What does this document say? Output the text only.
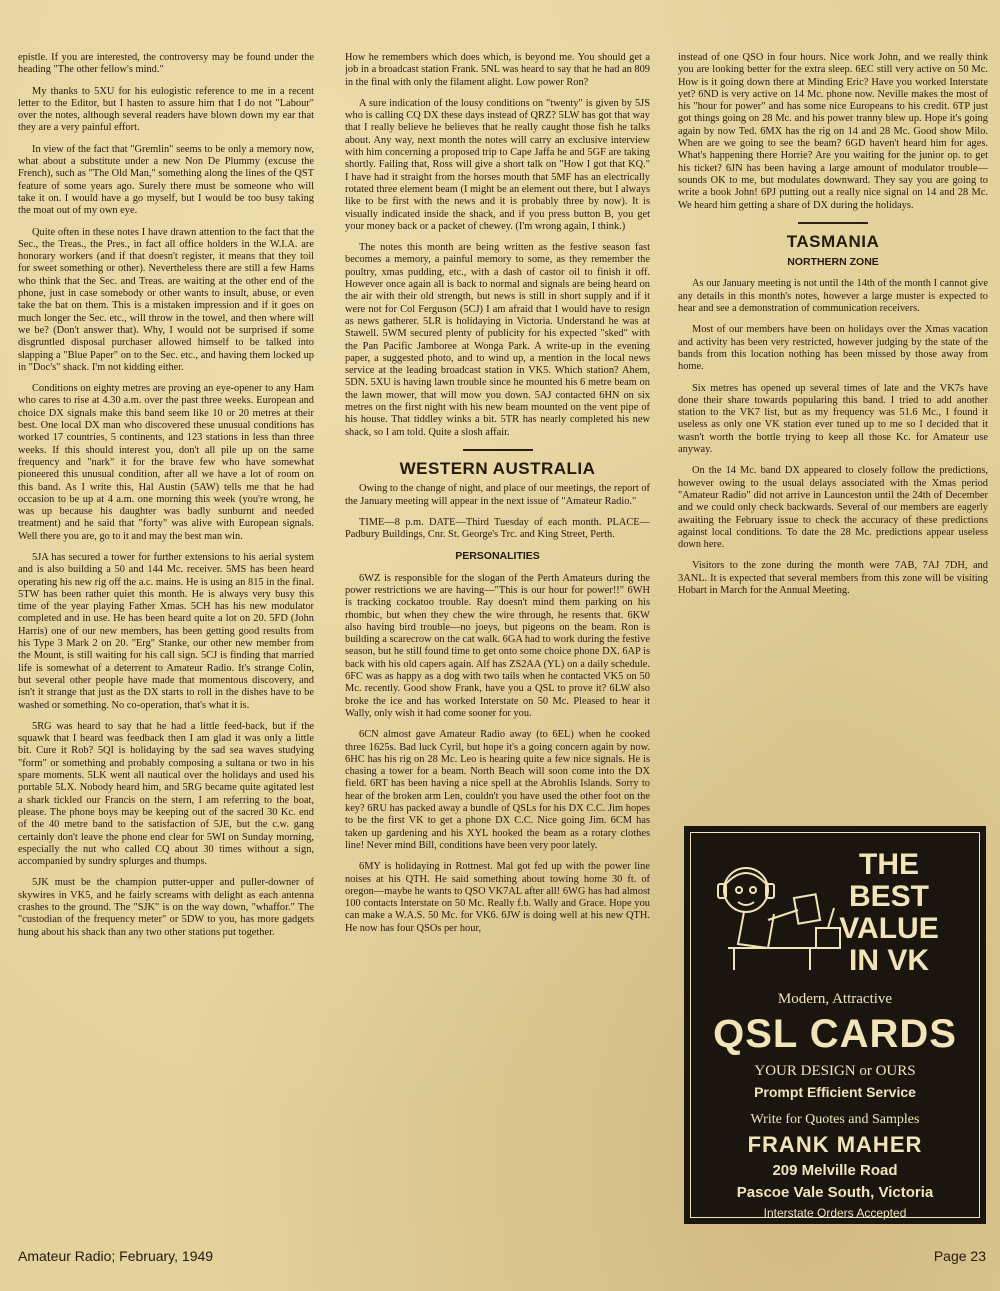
epistle. If you are interested, the controversy may be found under the heading "The other fellow's mind."

My thanks to 5XU for his eulogistic reference to me in a recent letter to the Editor, but I hasten to assure him that I do not "Labour" over the notes, although several readers have blown down my ear that they are a very painful effort.

In view of the fact that "Gremlin" seems to be only a memory now, what about a substitute under a new Non De Plummy (excuse the French), such as "The Old Man," something along the lines of the QST feature of some years ago. Surely there must be someone who will take it on. I would have a go myself, but I would be too busy taking the moat out of my own eye.

Quite often in these notes I have drawn attention to the fact that the Sec., the Treas., the Pres., in fact all office holders in the W.I.A. are honorary workers (and if that doesn't register, it means that they toil for sweet something or other). Nevertheless there are still a few Hams who think that the Sec. and Treas. are waiting at the other end of the phone, just in case somebody or other wants to insult, abuse, or even take the bat on them. This is a mistaken impression and if it goes on much longer the Sec. etc., will throw in the towel, and then where will we be? (Don't answer that). Why, I would not be surprised if some disgruntled disposal purchaser allowed himself to be talked into slapping a "Blue Paper" on to the Sec. etc., and having them locked up in "Doc's" shack. I'm not kidding either.

Conditions on eighty metres are proving an eye-opener to any Ham who cares to rise at 4.30 a.m. over the past three weeks. European and choice DX signals make this band seem like 10 or 20 metres at their best. One local DX man who discovered these unusual conditions has worked 17 countries, 5 continents, and 123 stations in less than three weeks. If this should interest you, don't all pile up on the same frequency and "nark" it for the brave few who have somewhat pioneered this unusual condition, after all we have a lot of room on this band. As I write this, Hal Austin (5AW) tells me that he had occasion to be up at 4 a.m. one morning this week (you're wrong, he was up because his daughter was badly sunburnt and needed treatment) and he said that "forty" was alive with European signals. Well there you are, go to it and may the best man win.

5JA has secured a tower for further extensions to his aerial system and is also building a 50 and 144 Mc. receiver. 5MS has been heard operating his new rig off the a.c. mains. He is using an 815 in the final. 5TW has been rather quiet this month. He is always very busy this time of the year playing Father Xmas. 5CH has his new modulator completed and in use. He has been heard quite a lot on 20. 5FD (John Harris) one of our new members, has been getting good results from his Type 3 Mark 2 on 20. "Erg" Stanke, our other new member from the Mount, is still waiting for his call sign. 5CJ is finding that married life is somewhat of a deterrent to Amateur Radio. It's strange Colin, but several other people have made that momentous discovery, and isn't it strange that just as the DX starts to roll in the dishes have to be washed or something. No co-operation, that's what it is.

5RG was heard to say that he had a little feed-back, but if the squawk that I heard was feedback then I am glad it was only a little bit. Cure it Rob? 5QI is holidaying by the sad sea waves studying "form" or something and probably composing a sultana or two in his spare moments. 5LK went all nautical over the holidays and used his portable 5LX. Nobody heard him, and 5RG became quite agitated lest a shark tickled our Francis on the stern, I am referring to the boat, please. The phone boys may be keeping out of the sacred 30 Kc. end of the 40 metre band to the satisfaction of 5JE, but the c.w. gang certainly don't leave the phone end clear for 5WI on Sunday morning, especially the nut who called CQ about 30 times without a sign, accompanied by sundry splurges and thumps.

5JK must be the champion putter-upper and puller-downer of skywires in VK5, and he fairly screams with delight as each antenna crashes to the ground. The "SJK" is on the way down, "whaffor." The "custodian of the frequency meter" or 5DW to you, has more gadgets hung about his shack than any two other stations put together.

How he remembers which does which, is beyond me. You should get a job in a broadcast station Frank. 5NL was heard to say that he had an 809 in the final with only the filament alight. Low power Ron?

A sure indication of the lousy conditions on "twenty" is given by 5JS who is calling CQ DX these days instead of QRZ? 5LW has got that way that I really believe he believes that he really caught those fish he talks about. Any way, next month the notes will carry an exclusive interview with him concerning a proposed trip to Cape Jaffa he and 5GF are taking shortly. Failing that, Ross will give a short talk on "How I got that KQ." I have had it straight from the horses mouth that 5MF has an electrically rotated three element beam (I might be an element out there, but I always like to be first with the news and it is probably three by now). It is visually indicated inside the shack, and if you press button B, you get your money back or a packet of chewey. (I'm wrong again, I think.)

The notes this month are being written as the festive season fast becomes a memory, a painful memory to some, as they remember the poultry, xmas pudding, etc., with a dash of castor oil to finish it off. However once again all is back to normal and signals are being heard on the air with their old strength, but news is still in short supply and if it were not for Col Ferguson (5CJ) I am afraid that I would have to resign as news gatherer. 5LR is holidaying in Victoria. Understand he was at Stawell. 5WM secured plenty of publicity for his expected "sked" with the Pan Pacific Jamboree at Wonga Park. A write-up in the evening paper, a suggested photo, and to wind up, a mention in the local news service at the leading broadcast station in VK5. Which station? Ahem, 5DN. 5XU is having lawn trouble since he mounted his 6 metre beam on the lawn mower, that will mow you down. 5AJ contacted 6HN on six metres on the first night with his new beam mounted on the vent pipe of his house. That tiddley winks a bit. 5TR has nearly completed his new shack, so I am told. Quite a slosh affair.

WESTERN AUSTRALIA

Owing to the change of night, and place of our meetings, the report of the January meeting will appear in the next issue of "Amateur Radio."

TIME—8 p.m. DATE—Third Tuesday of each month. PLACE—Padbury Buildings, Cnr. St. George's Trc. and King Street, Perth.

PERSONALITIES

6WZ is responsible for the slogan of the Perth Amateurs during the power restrictions we are having—"This is our hour for power!!" 6WH is tracking cockatoo trouble. Ray doesn't mind them parking on his rhombic, but when they chew the wire through, he resents that. 6KW also having bird trouble—no joeys, but pigeons on the beam. Ron is building a scarecrow on the cat walk. 6GA had to work during the festive season, but he still found time to get onto some choice phone DX. 6AP is back with his old capers again. Alf has ZS2AA (YL) on a daily schedule. 6FC was as happy as a dog with two tails when he contacted VK5 on 50 Mc. recently. Good show Frank, have you a QSL to prove it? 6LW also broke the ice and has worked Interstate on 50 Mc. Pleased to hear it Wally, only wish it had come sooner for you.

6CN almost gave Amateur Radio away (to 6EL) when he cooked three 1625s. Bad luck Cyril, but hope it's a going concern again by now. 6HC has his rig on 28 Mc. Leo is hearing quite a few nice signals. He is chasing a tower for a beam. North Beach will soon come into the DX field. 6RT has been having a nice spell at the Abrohlis Islands. Sorry to hear of the broken arm Len, couldn't you have used the other foot on the key? 6RU has packed away a bundle of QSLs for his DX C.C. Jim hopes to be the first VK to get a phone DX C.C. Nice going Jim. 6CM has taken up gardening and his XYL hooked the beam as a rotary clothes line! Never mind Bill, conditions have been very poor lately.

6MY is holidaying in Rottnest. Mal got fed up with the power line noises at his QTH. He said something about towing home 30 ft. of oregon—maybe he wants to QSO VK7AL after all! 6WG has had almost 100 contacts Interstate on 50 Mc. Really f.b. Wally and Grace. Hope you can make a W.A.S. 50 Mc. for VK6. 6JW is doing well at his new QTH. He now has four QSOs per hour,

instead of one QSO in four hours. Nice work John, and we really think you are looking better for the extra sleep. 6EC still very active on 50 Mc. How is it going down there at Minding Eric? Have you worked Interstate yet? 6ND is very active on 14 Mc. phone now. Neville makes the most of his "hour for power" and has some nice Europeans to his credit. 6TP just got things going on 28 Mc. and his power tranny blew up. Hope it's going again by now Ted. 6MX has the rig on 14 and 28 Mc. Good show Milo. When are we going to see the beam? 6GD haven't heard him for ages. What's happening there Horrie? Are you waiting for the junior op. to get his ticket? 6JN has been having a large amount of modulator trouble—sounds OK to me, but modulates downward. They say you are going to write a book John! 6PJ putting out a really nice signal on 14 and 28 Mc. We heard him getting a share of DX during the holidays.

TASMANIA
NORTHERN ZONE

As our January meeting is not until the 14th of the month I cannot give any details in this month's notes, however a large muster is expected to hear and see a demonstration of communication receivers.

Most of our members have been on holidays over the Xmas vacation and activity has been very restricted, however judging by the state of the bands from this location nothing has been missed by those away from home.

Six metres has opened up several times of late and the VK7s have done their share towards popularing this band. I tried to add another station to the VK7 list, but as my frequency was 51.6 Mc., I found it useless as only one VK station ever tuned up to me so I decided that it wasn't worth the bottle trying to keep all those Kc. for Amateur use anyway.

On the 14 Mc. band DX appeared to closely follow the predictions, however owing to the usual delays associated with the Xmas period "Amateur Radio" did not arrive in Launceston until the 24th of December and we could only check backwards. Several of our members are eagerly awaiting the February issue to check the accuracy of these predictions against local conditions. To date the 28 Mc. predictions appear useless down here.

Visitors to the zone during the month were 7AB, 7AJ 7DH, and 3ANL. It is expected that several members from this zone will be visiting Hobart in March for the Annual Meeting.

THE
BEST
VALUE
IN VK
Modern, Attractive
QSL CARDS
YOUR DESIGN or OURS
Prompt Efficient Service
Write for Quotes and Samples
FRANK MAHER
209 Melville Road
Pascoe Vale South, Victoria
Interstate Orders Accepted
Amateur Radio; February, 1949	Page 23
